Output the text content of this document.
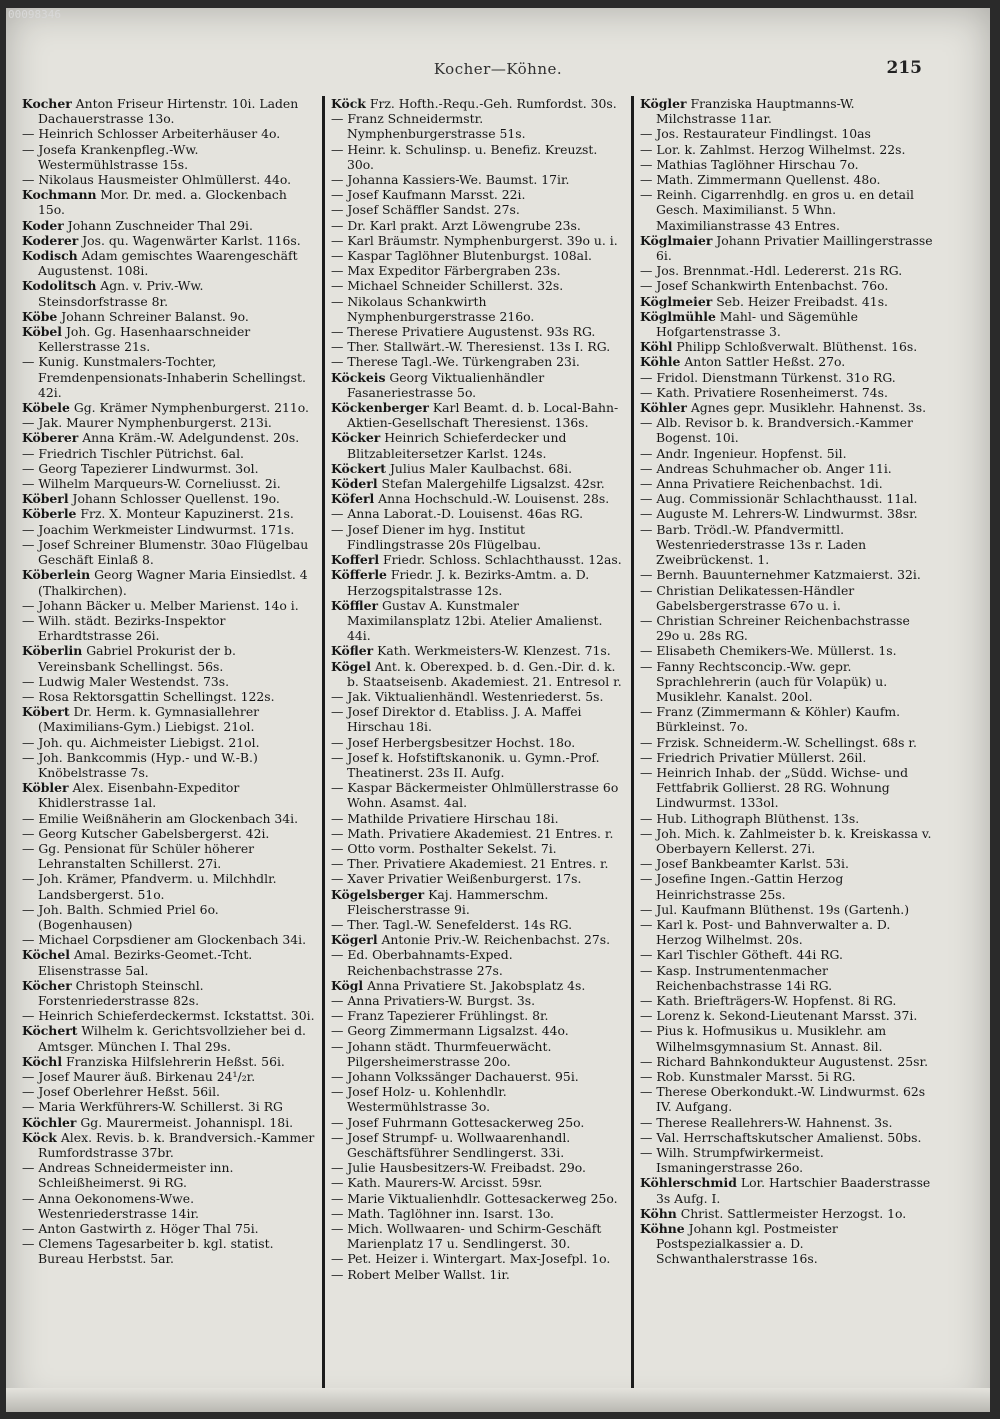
00098346
Kocher—Köhne.	215

Kocher Anton Friseur Hirtenstr. 10i. Laden Dachauerstrasse 13o.

— Heinrich Schlosser Arbeiterhäuser 4o.

— Josefa Krankenpfleg.-Ww. Westermühlstrasse 15s.

— Nikolaus Hausmeister Ohlmüllerst. 44o.

Kochmann Mor. Dr. med. a. Glockenbach 15o.

Koder Johann Zuschneider Thal 29i.

Koderer Jos. qu. Wagenwärter Karlst. 116s.

Kodisch Adam gemischtes Waarengeschäft Augustenst. 108i.

Kodolitsch Agn. v. Priv.-Ww. Steinsdorfstrasse 8r.

Köbe Johann Schreiner Balanst. 9o.

Köbel Joh. Gg. Hasenhaarschneider Kellerstrasse 21s.

— Kunig. Kunstmalers-Tochter, Fremdenpensionats-Inhaberin Schellingst. 42i.

Köbele Gg. Krämer Nymphenburgerst. 211o.

— Jak. Maurer Nymphenburgerst. 213i.

Köberer Anna Kräm.-W. Adelgundenst. 20s.

— Friedrich Tischler Pütrichst. 6al.

— Georg Tapezierer Lindwurmst. 3ol.

— Wilhelm Marqueurs-W. Corneliusst. 2i.

Köberl Johann Schlosser Quellenst. 19o.

Köberle Frz. X. Monteur Kapuzinerst. 21s.

— Joachim Werkmeister Lindwurmst. 171s.

— Josef Schreiner Blumenstr. 30ao Flügelbau Geschäft Einlaß 8.

Köberlein Georg Wagner Maria Einsiedlst. 4 (Thalkirchen).

— Johann Bäcker u. Melber Marienst. 14o i.

— Wilh. städt. Bezirks-Inspektor Erhardtstrasse 26i.

Köberlin Gabriel Prokurist der b. Vereinsbank Schellingst. 56s.

— Ludwig Maler Westendst. 73s.

— Rosa Rektorsgattin Schellingst. 122s.

Köbert Dr. Herm. k. Gymnasiallehrer (Maximilians-Gym.) Liebigst. 21ol.

— Joh. qu. Aichmeister Liebigst. 21ol.

— Joh. Bankcommis (Hyp.- und W.-B.) Knöbelstrasse 7s.

Köbler Alex. Eisenbahn-Expeditor Khidlerstrasse 1al.

— Emilie Weißnäherin am Glockenbach 34i.

— Georg Kutscher Gabelsbergerst. 42i.

— Gg. Pensionat für Schüler höherer Lehranstalten Schillerst. 27i.

— Joh. Krämer, Pfandverm. u. Milchhdlr. Landsbergerst. 51o.

— Joh. Balth. Schmied Priel 6o. (Bogenhausen)

— Michael Corpsdiener am Glockenbach 34i.

Köchel Amal. Bezirks-Geomet.-Tcht. Elisenstrasse 5al.

Köcher Christoph Steinschl. Forstenriederstrasse 82s.

— Heinrich Schieferdeckermst. Ickstattst. 30i.

Köchert Wilhelm k. Gerichtsvollzieher bei d. Amtsger. München I. Thal 29s.

Köchl Franziska Hilfslehrerin Heßst. 56i.

— Josef Maurer äuß. Birkenau 24¹/₂r.

— Josef Oberlehrer Heßst. 56il.

— Maria Werkführers-W. Schillerst. 3i RG

Köchler Gg. Maurermeist. Johannispl. 18i.

Köck Alex. Revis. b. k. Brandversich.-Kammer Rumfordstrasse 37br.

— Andreas Schneidermeister inn. Schleißheimerst. 9i RG.

— Anna Oekonomens-Wwe. Westenriederstrasse 14ir.

— Anton Gastwirth z. Höger Thal 75i.

— Clemens Tagesarbeiter b. kgl. statist. Bureau Herbstst. 5ar.

Köck Frz. Hofth.-Requ.-Geh. Rumfordst. 30s.

— Franz Schneidermstr. Nymphenburgerstrasse 51s.

— Heinr. k. Schulinsp. u. Benefiz. Kreuzst. 30o.

— Johanna Kassiers-We. Baumst. 17ir.

— Josef Kaufmann Marsst. 22i.

— Josef Schäffler Sandst. 27s.

— Dr. Karl prakt. Arzt Löwengrube 23s.

— Karl Bräumstr. Nymphenburgerst. 39o u. i.

— Kaspar Taglöhner Blutenburgst. 108al.

— Max Expeditor Färbergraben 23s.

— Michael Schneider Schillerst. 32s.

— Nikolaus Schankwirth Nymphenburgerstrasse 216o.

— Therese Privatiere Augustenst. 93s RG.

— Ther. Stallwärt.-W. Theresienst. 13s I. RG.

— Therese Tagl.-We. Türkengraben 23i.

Köckeis Georg Viktualienhändler Fasaneriestrasse 5o.

Köckenberger Karl Beamt. d. b. Local-Bahn-Aktien-Gesellschaft Theresienst. 136s.

Köcker Heinrich Schieferdecker und Blitzableitersetzer Karlst. 124s.

Köckert Julius Maler Kaulbachst. 68i.

Köderl Stefan Malergehilfe Ligsalzst. 42sr.

Köferl Anna Hochschuld.-W. Louisenst. 28s.

— Anna Laborat.-D. Louisenst. 46as RG.

— Josef Diener im hyg. Institut Findlingstrasse 20s Flügelbau.

Kofferl Friedr. Schloss. Schlachthausst. 12as.

Köfferle Friedr. J. k. Bezirks-Amtm. a. D. Herzogspitalstrasse 12s.

Köffler Gustav A. Kunstmaler Maximilansplatz 12bi. Atelier Amalienst. 44i.

Köfler Kath. Werkmeisters-W. Klenzest. 71s.

Kögel Ant. k. Oberexped. b. d. Gen.-Dir. d. k. b. Staatseisenb. Akademiest. 21. Entresol r.

— Jak. Viktualienhändl. Westenriederst. 5s.

— Josef Direktor d. Etabliss. J. A. Maffei Hirschau 18i.

— Josef Herbergsbesitzer Hochst. 18o.

— Josef k. Hofstiftskanonik. u. Gymn.-Prof. Theatinerst. 23s II. Aufg.

— Kaspar Bäckermeister Ohlmüllerstrasse 6o Wohn. Asamst. 4al.

— Mathilde Privatiere Hirschau 18i.

— Math. Privatiere Akademiest. 21 Entres. r.

— Otto vorm. Posthalter Sekelst. 7i.

— Ther. Privatiere Akademiest. 21 Entres. r.

— Xaver Privatier Weißenburgerst. 17s.

Kögelsberger Kaj. Hammerschm. Fleischerstrasse 9i.

— Ther. Tagl.-W. Senefelderst. 14s RG.

Kögerl Antonie Priv.-W. Reichenbachst. 27s.

— Ed. Oberbahnamts-Exped. Reichenbachstrasse 27s.

Kögl Anna Privatiere St. Jakobsplatz 4s.

— Anna Privatiers-W. Burgst. 3s.

— Franz Tapezierer Frühlingst. 8r.

— Georg Zimmermann Ligsalzst. 44o.

— Johann städt. Thurmfeuerwächt. Pilgersheimerstrasse 20o.

— Johann Volkssänger Dachauerst. 95i.

— Josef Holz- u. Kohlenhdlr. Westermühlstrasse 3o.

— Josef Fuhrmann Gottesackerweg 25o.

— Josef Strumpf- u. Wollwaarenhandl. Geschäftsführer Sendlingerst. 33i.

— Julie Hausbesitzers-W. Freibadst. 29o.

— Kath. Maurers-W. Arcisst. 59sr.

— Marie Viktualienhdlr. Gottesackerweg 25o.

— Math. Taglöhner inn. Isarst. 13o.

— Mich. Wollwaaren- und Schirm-Geschäft Marienplatz 17 u. Sendlingerst. 30.

— Pet. Heizer i. Wintergart. Max-Josefpl. 1o.

— Robert Melber Wallst. 1ir.

Kögler Franziska Hauptmanns-W. Milchstrasse 11ar.

— Jos. Restaurateur Findlingst. 10as

— Lor. k. Zahlmst. Herzog Wilhelmst. 22s.

— Mathias Taglöhner Hirschau 7o.

— Math. Zimmermann Quellenst. 48o.

— Reinh. Cigarrenhdlg. en gros u. en detail Gesch. Maximilianst. 5 Whn. Maximilianstrasse 43 Entres.

Köglmaier Johann Privatier Maillingerstrasse 6i.

— Jos. Brennmat.-Hdl. Ledererst. 21s RG.

— Josef Schankwirth Entenbachst. 76o.

Köglmeier Seb. Heizer Freibadst. 41s.

Köglmühle Mahl- und Sägemühle Hofgartenstrasse 3.

Köhl Philipp Schloßverwalt. Blüthenst. 16s.

Köhle Anton Sattler Heßst. 27o.

— Fridol. Dienstmann Türkenst. 31o RG.

— Kath. Privatiere Rosenheimerst. 74s.

Köhler Agnes gepr. Musiklehr. Hahnenst. 3s.

— Alb. Revisor b. k. Brandversich.-Kammer Bogenst. 10i.

— Andr. Ingenieur. Hopfenst. 5il.

— Andreas Schuhmacher ob. Anger 11i.

— Anna Privatiere Reichenbachst. 1di.

— Aug. Commissionär Schlachthausst. 11al.

— Auguste M. Lehrers-W. Lindwurmst. 38sr.

— Barb. Trödl.-W. Pfandvermittl. Westenriederstrasse 13s r. Laden Zweibrückenst. 1.

— Bernh. Bauunternehmer Katzmaierst. 32i.

— Christian Delikatessen-Händler Gabelsbergerstrasse 67o u. i.

— Christian Schreiner Reichenbachstrasse 29o u. 28s RG.

— Elisabeth Chemikers-We. Müllerst. 1s.

— Fanny Rechtsconcip.-Ww. gepr. Sprachlehrerin (auch für Volapük) u. Musiklehr. Kanalst. 20ol.

— Franz (Zimmermann & Köhler) Kaufm. Bürkleinst. 7o.

— Frzisk. Schneiderm.-W. Schellingst. 68s r.

— Friedrich Privatier Müllerst. 26il.

— Heinrich Inhab. der „Südd. Wichse- und Fettfabrik Gollierst. 28 RG. Wohnung Lindwurmst. 133ol.

— Hub. Lithograph Blüthenst. 13s.

— Joh. Mich. k. Zahlmeister b. k. Kreiskassa v. Oberbayern Kellerst. 27i.

— Josef Bankbeamter Karlst. 53i.

— Josefine Ingen.-Gattin Herzog Heinrichstrasse 25s.

— Jul. Kaufmann Blüthenst. 19s (Gartenh.)

— Karl k. Post- und Bahnverwalter a. D. Herzog Wilhelmst. 20s.

— Karl Tischler Götheft. 44i RG.

— Kasp. Instrumentenmacher Reichenbachstrasse 14i RG.

— Kath. Briefträgers-W. Hopfenst. 8i RG.

— Lorenz k. Sekond-Lieutenant Marsst. 37i.

— Pius k. Hofmusikus u. Musiklehr. am Wilhelmsgymnasium St. Annast. 8il.

— Richard Bahnkondukteur Augustenst. 25sr.

— Rob. Kunstmaler Marsst. 5i RG.

— Therese Oberkondukt.-W. Lindwurmst. 62s IV. Aufgang.

— Therese Reallehrers-W. Hahnenst. 3s.

— Val. Herrschaftskutscher Amalienst. 50bs.

— Wilh. Strumpfwirkermeist. Ismaningerstrasse 26o.

Köhlerschmid Lor. Hartschier Baaderstrasse 3s Aufg. I.

Köhn Christ. Sattlermeister Herzogst. 1o.

Köhne Johann kgl. Postmeister Postspezialkassier a. D. Schwanthalerstrasse 16s.
